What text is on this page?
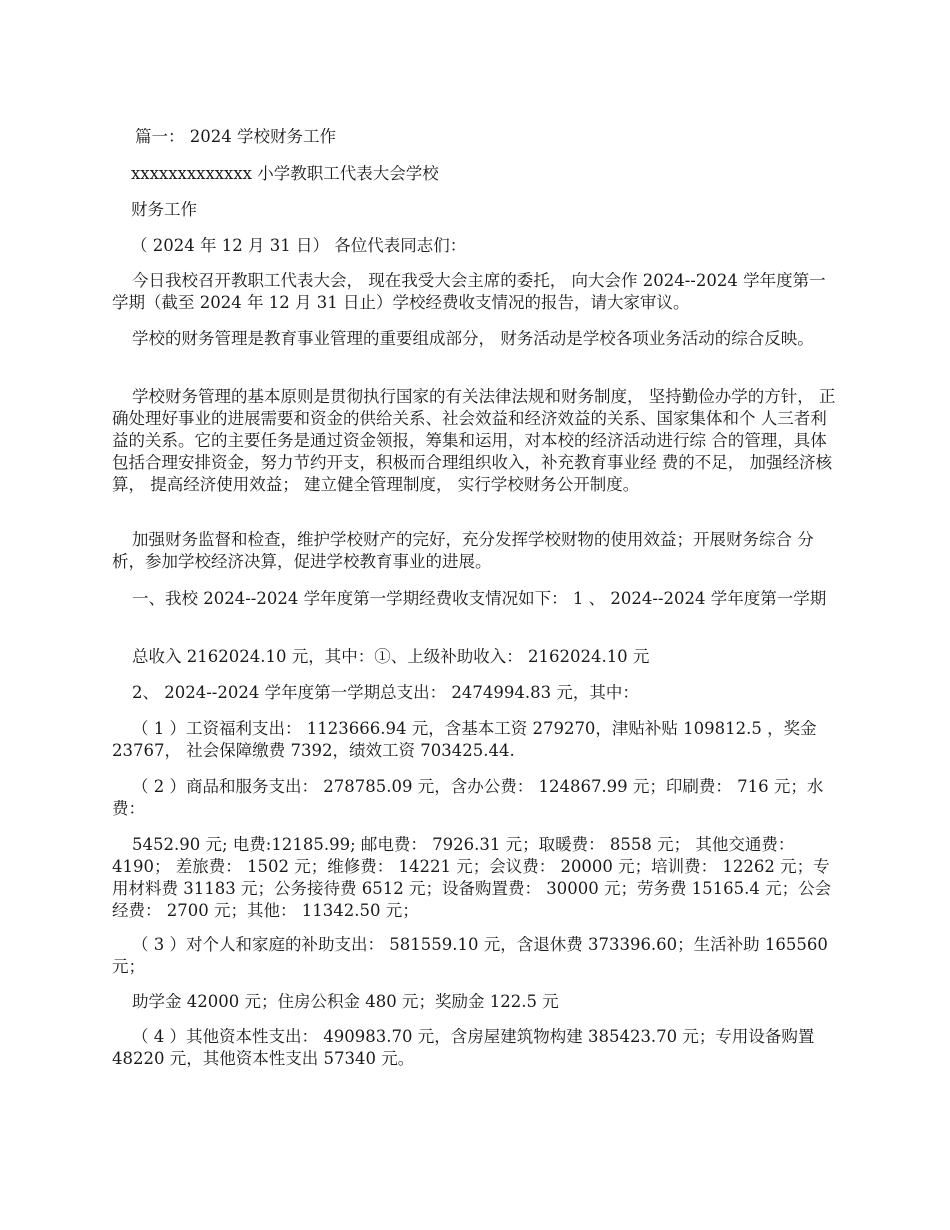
篇一： 2024 学校财务工作

xxxxxxxxxxxxx 小学教职工代表大会学校

财务工作

（ 2024 年 12 月 31 日） 各位代表同志们：

今日我校召开教职工代表大会， 现在我受大会主席的委托， 向大会作 2024--2024 学年度第一 学期（截至 2024 年 12 月 31 日止）学校经费收支情况的报告，请大家审议。

学校的财务管理是教育事业管理的重要组成部分， 财务活动是学校各项业务活动的综合反映。

学校财务管理的基本原则是贯彻执行国家的有关法律法规和财务制度， 坚持勤俭办学的方针， 正确处理好事业的进展需要和资金的供给关系、社会效益和经济效益的关系、国家集体和个 人三者利益的关系。它的主要任务是通过资金领报，筹集和运用，对本校的经济活动进行综 合的管理，具体包括合理安排资金，努力节约开支，积极而合理组织收入，补充教育事业经 费的不足， 加强经济核算， 提高经济使用效益； 建立健全管理制度， 实行学校财务公开制度。

加强财务监督和检查，维护学校财产的完好，充分发挥学校财物的使用效益；开展财务综合 分析，参加学校经济决算，促进学校教育事业的进展。

一、我校 2024--2024 学年度第一学期经费收支情况如下： 1 、 2024--2024 学年度第一学期

总收入 2162024.10 元，其中：①、上级补助收入： 2162024.10 元

2、 2024--2024 学年度第一学期总支出： 2474994.83 元，其中：

（ 1 ）工资福利支出： 1123666.94 元，含基本工资 279270，津贴补贴 109812.5 ，奖金 23767， 社会保障缴费 7392，绩效工资 703425.44.

（ 2 ）商品和服务支出： 278785.09 元，含办公费： 124867.99 元；印刷费： 716 元；水费：

5452.90 元; 电费:12185.99; 邮电费： 7926.31 元；取暖费： 8558 元； 其他交通费： 4190； 差旅费： 1502 元；维修费： 14221 元；会议费： 20000 元；培训费： 12262 元；专用材料费 31183 元；公务接待费 6512 元；设备购置费： 30000 元；劳务费 15165.4 元；公会经费： 2700 元；其他： 11342.50 元；

（ 3 ）对个人和家庭的补助支出： 581559.10 元，含退休费 373396.60；生活补助 165560 元；

助学金 42000 元；住房公积金 480 元；奖励金 122.5 元

（ 4 ）其他资本性支出： 490983.70 元，含房屋建筑物构建 385423.70 元；专用设备购置 48220 元，其他资本性支出 57340 元。
